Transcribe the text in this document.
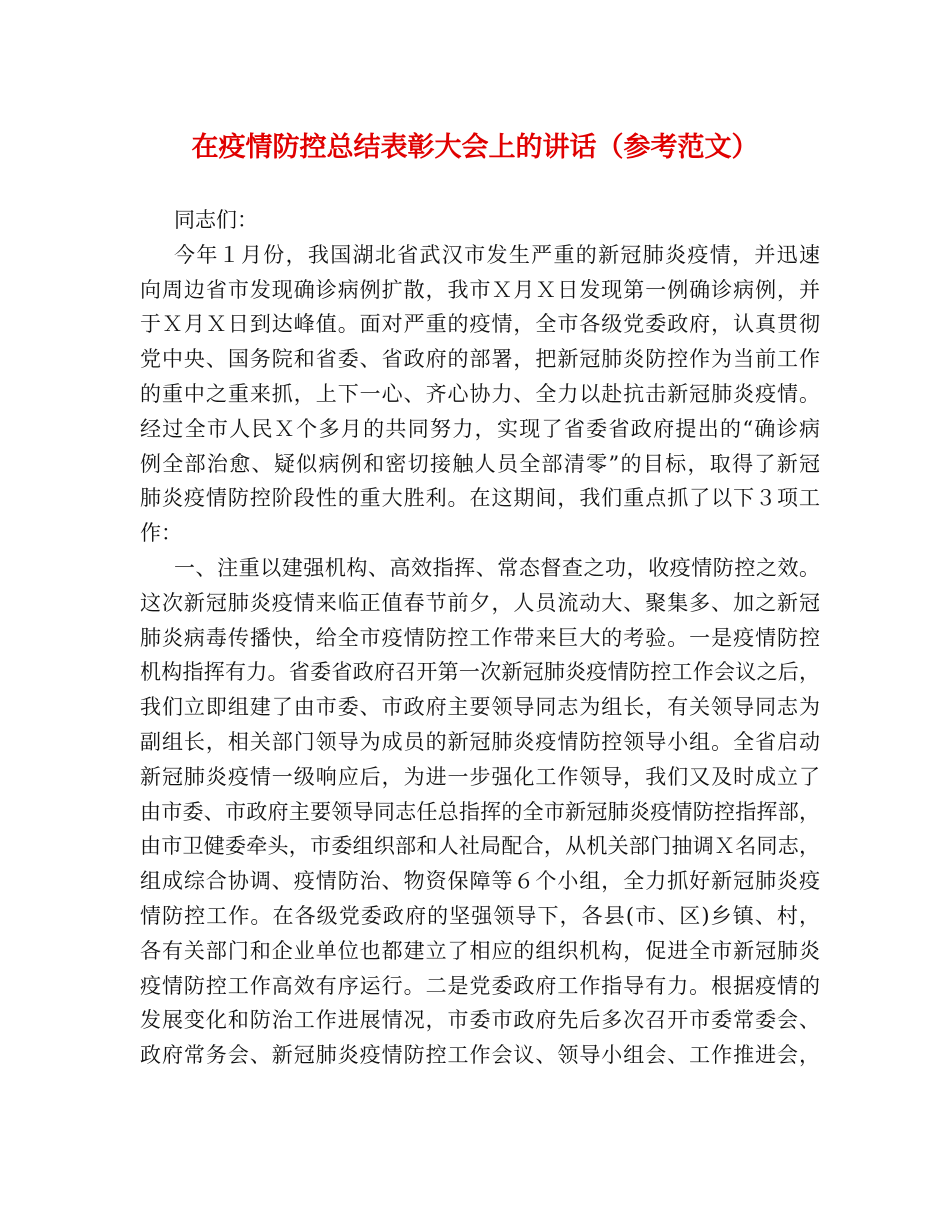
在疫情防控总结表彰大会上的讲话（参考范文）
同志们：
今年１月份，我国湖北省武汉市发生严重的新冠肺炎疫情，并迅速
向周边省市发现确诊病例扩散，我市Ｘ月Ｘ日发现第一例确诊病例，并
于Ｘ月Ｘ日到达峰值。面对严重的疫情，全市各级党委政府，认真贯彻
党中央、国务院和省委、省政府的部署，把新冠肺炎防控作为当前工作
的重中之重来抓，上下一心、齐心协力、全力以赴抗击新冠肺炎疫情。
经过全市人民Ｘ个多月的共同努力，实现了省委省政府提出的“确诊病
例全部治愈、疑似病例和密切接触人员全部清零”的目标，取得了新冠
肺炎疫情防控阶段性的重大胜利。在这期间，我们重点抓了以下３项工
作：
一、注重以建强机构、高效指挥、常态督查之功，收疫情防控之效。
这次新冠肺炎疫情来临正值春节前夕，人员流动大、聚集多、加之新冠
肺炎病毒传播快，给全市疫情防控工作带来巨大的考验。一是疫情防控
机构指挥有力。省委省政府召开第一次新冠肺炎疫情防控工作会议之后，
我们立即组建了由市委、市政府主要领导同志为组长，有关领导同志为
副组长，相关部门领导为成员的新冠肺炎疫情防控领导小组。全省启动
新冠肺炎疫情一级响应后，为进一步强化工作领导，我们又及时成立了
由市委、市政府主要领导同志任总指挥的全市新冠肺炎疫情防控指挥部，
由市卫健委牵头，市委组织部和人社局配合，从机关部门抽调Ｘ名同志，
组成综合协调、疫情防治、物资保障等６个小组，全力抓好新冠肺炎疫
情防控工作。在各级党委政府的坚强领导下，各县(市、区)乡镇、村，
各有关部门和企业单位也都建立了相应的组织机构，促进全市新冠肺炎
疫情防控工作高效有序运行。二是党委政府工作指导有力。根据疫情的
发展变化和防治工作进展情况，市委市政府先后多次召开市委常委会、
政府常务会、新冠肺炎疫情防控工作会议、领导小组会、工作推进会，
